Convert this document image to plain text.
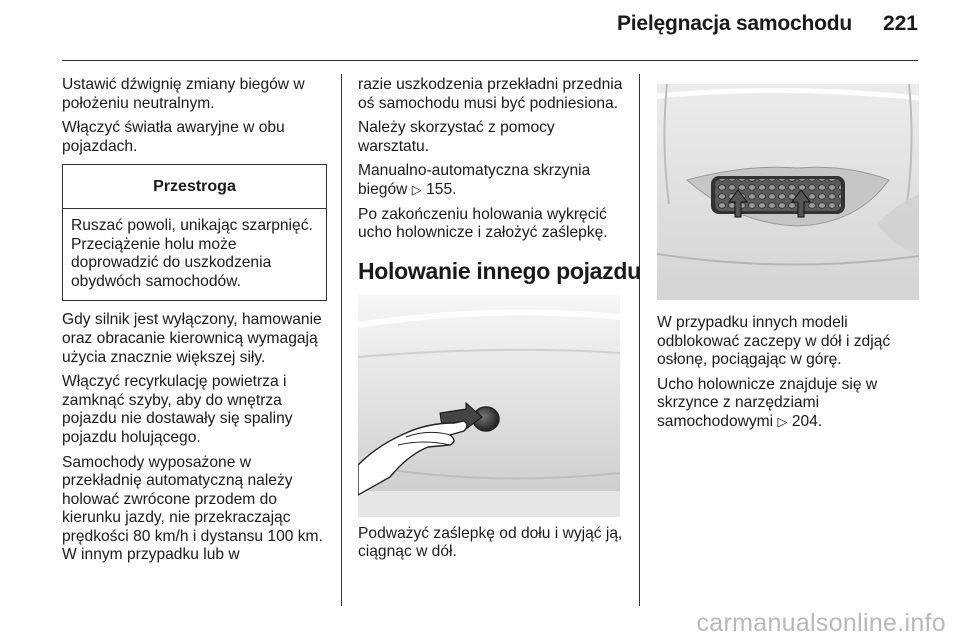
Pielęgnacja samochodu 221

Ustawić dźwignię zmiany biegów w położeniu neutralnym.

Włączyć światła awaryjne w obu pojazdach.

Przestroga
Ruszać powoli, unikając szarpnięć. Przeciążenie holu może doprowadzić do uszkodzenia obydwóch samochodów.

Gdy silnik jest wyłączony, hamowanie oraz obracanie kierownicą wymagają użycia znacznie większej siły.

Włączyć recyrkulację powietrza i zamknąć szyby, aby do wnętrza pojazdu nie dostawały się spaliny pojazdu holującego.

Samochody wyposażone w przekładnię automatyczną należy holować zwrócone przodem do kierunku jazdy, nie przekraczając prędkości 80 km/h i dystansu 100 km. W innym przypadku lub w

razie uszkodzenia przekładni przednia oś samochodu musi być podniesiona.

Należy skorzystać z pomocy warsztatu.

Manualno-automatyczna skrzynia biegów ▷ 155.

Po zakończeniu holowania wykręcić ucho holownicze i założyć zaślepkę.

Holowanie innego pojazdu

Podważyć zaślepkę od dołu i wyjąć ją, ciągnąc w dół.

W przypadku innych modeli odblokować zaczepy w dół i zdjąć osłonę, pociągając w górę.

Ucho holownicze znajduje się w skrzynce z narzędziami samochodowymi ▷ 204.

carmanualsonline.info
